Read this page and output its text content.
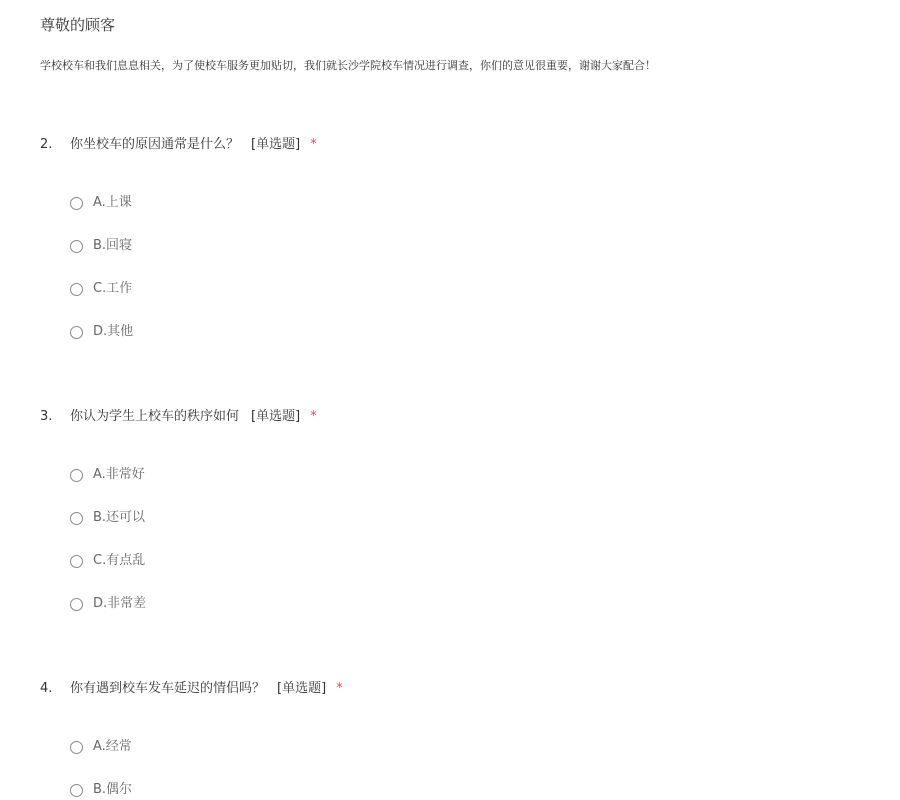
尊敬的顾客

学校校车和我们息息相关，为了使校车服务更加贴切，我们就长沙学院校车情况进行调查，你们的意见很重要，谢谢大家配合！

2. 你坐校车的原因通常是什么？ [单选题] *
A.上课
B.回寝
C.工作
D.其他
3. 你认为学生上校车的秩序如何 [单选题] *
A.非常好
B.还可以
C.有点乱
D.非常差
4. 你有遇到校车发车延迟的情侣吗？ [单选题] *
A.经常
B.偶尔
